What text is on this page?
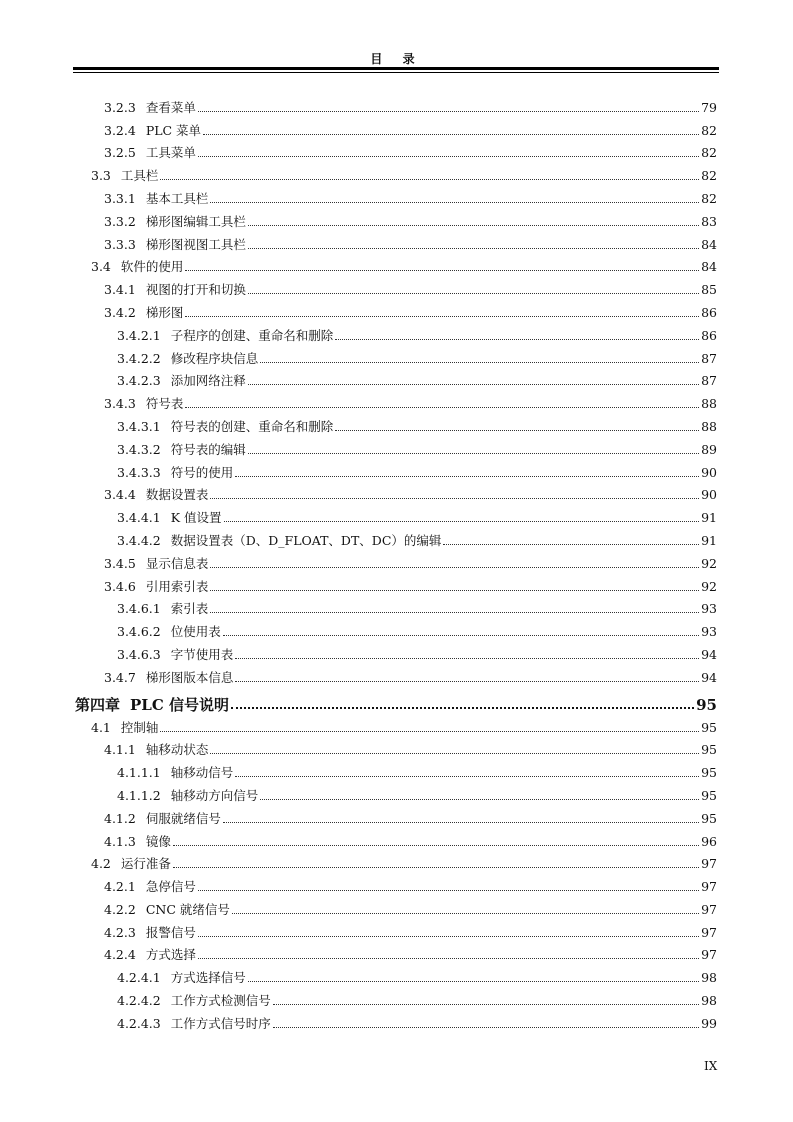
目 录
3.2.3 查看菜单	79
3.2.4 PLC 菜单	82
3.2.5 工具菜单	82
3.3 工具栏	82
3.3.1 基本工具栏	82
3.3.2 梯形图编辑工具栏	83
3.3.3 梯形图视图工具栏	84
3.4 软件的使用	84
3.4.1 视图的打开和切换	85
3.4.2 梯形图	86
3.4.2.1 子程序的创建、重命名和删除	86
3.4.2.2 修改程序块信息	87
3.4.2.3 添加网络注释	87
3.4.3 符号表	88
3.4.3.1 符号表的创建、重命名和删除	88
3.4.3.2 符号表的编辑	89
3.4.3.3 符号的使用	90
3.4.4 数据设置表	90
3.4.4.1 K 值设置	91
3.4.4.2 数据设置表（D、D_FLOAT、DT、DC）的编辑	91
3.4.5 显示信息表	92
3.4.6 引用索引表	92
3.4.6.1 索引表	93
3.4.6.2 位使用表	93
3.4.6.3 字节使用表	94
3.4.7 梯形图版本信息	94
第四章 PLC 信号说明	95
4.1 控制轴	95
4.1.1 轴移动状态	95
4.1.1.1 轴移动信号	95
4.1.1.2 轴移动方向信号	95
4.1.2 伺服就绪信号	95
4.1.3 镜像	96
4.2 运行准备	97
4.2.1 急停信号	97
4.2.2 CNC 就绪信号	97
4.2.3 报警信号	97
4.2.4 方式选择	97
4.2.4.1 方式选择信号	98
4.2.4.2 工作方式检测信号	98
4.2.4.3 工作方式信号时序	99
IX
